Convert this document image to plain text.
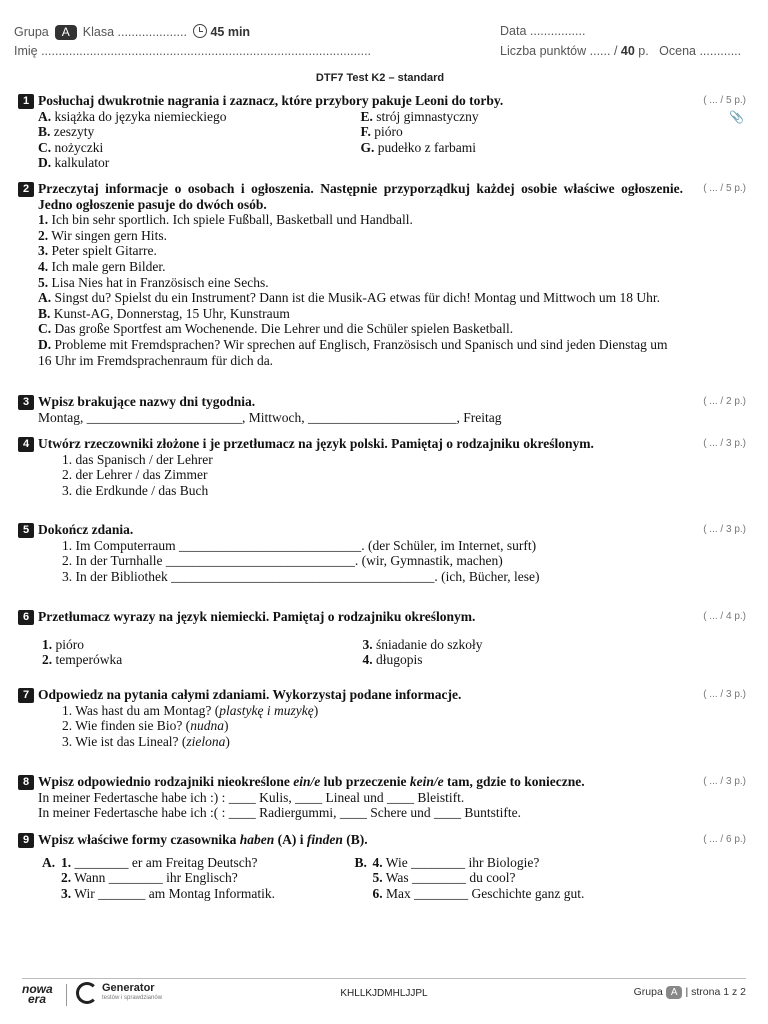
Grupa A Klasa .................... 45 min
Imię ...............................................................................................
Data ................
Liczba punktów ...... / 40 p. Ocena ............
DTF7 Test K2 – standard
1	( ... / 5 p.)
📎
Posłuchaj dwukrotnie nagrania i zaznacz, które przybory pakuje Leoni do torby.
A. książka do języka niemieckiego
B. zeszyty
C. nożyczki
D. kalkulator
E. strój gimnastyczny
F. pióro
G. pudełko z farbami
2	( ... / 5 p.)
Przeczytaj informacje o osobach i ogłoszenia. Następnie przyporządkuj każdej osobie właściwe ogłoszenie. Jedno ogłoszenie pasuje do dwóch osób.
1. Ich bin sehr sportlich. Ich spiele Fußball, Basketball und Handball.
2. Wir singen gern Hits.
3. Peter spielt Gitarre.
4. Ich male gern Bilder.
5. Lisa Nies hat in Französisch eine Sechs.
A. Singst du? Spielst du ein Instrument? Dann ist die Musik-AG etwas für dich! Montag und Mittwoch um 18 Uhr.
B. Kunst-AG, Donnerstag, 15 Uhr, Kunstraum
C. Das große Sportfest am Wochenende. Die Lehrer und die Schüler spielen Basketball.
D. Probleme mit Fremdsprachen? Wir sprechen auf Englisch, Französisch und Spanisch und sind jeden Dienstag um 16 Uhr im Fremdsprachenraum für dich da.
3	( ... / 2 p.)
Wpisz brakujące nazwy dni tygodnia.
Montag, _______________________, Mittwoch, ______________________, Freitag
4	( ... / 3 p.)
Utwórz rzeczowniki złożone i je przetłumacz na język polski. Pamiętaj o rodzajniku określonym.
1. das Spanisch / der Lehrer
2. der Lehrer / das Zimmer
3. die Erdkunde / das Buch
5	( ... / 3 p.)
Dokończ zdania.
1. Im Computerraum ___________________________. (der Schüler, im Internet, surft)
2. In der Turnhalle ____________________________. (wir, Gymnastik, machen)
3. In der Bibliothek _______________________________________. (ich, Bücher, lese)
6	( ... / 4 p.)
Przetłumacz wyrazy na język niemiecki. Pamiętaj o rodzajniku określonym.
1. pióro
2. temperówka
3. śniadanie do szkoły
4. długopis
7	( ... / 3 p.)
Odpowiedz na pytania całymi zdaniami. Wykorzystaj podane informacje.
1. Was hast du am Montag? (plastykę i muzykę)
2. Wie finden sie Bio? (nudna)
3. Wie ist das Lineal? (zielona)
8	( ... / 3 p.)
Wpisz odpowiednio rodzajniki nieokreślone ein/e lub przeczenie kein/e tam, gdzie to konieczne.
In meiner Federtasche habe ich :) : ____ Kulis, ____ Lineal und ____ Bleistift.
In meiner Federtasche habe ich :( : ____ Radiergummi, ____ Schere und ____ Buntstifte.
9	( ... / 6 p.)
Wpisz właściwe formy czasownika haben (A) i finden (B).
A. 1. ________ er am Freitag Deutsch?
2. Wann ________ ihr Englisch?
3. Wir _______ am Montag Informatik.
B. 4. Wie ________ ihr Biologie?
5. Was ________ du cool?
6. Max ________ Geschichte ganz gut.
nowa
era
Generator
testów i sprawdzianów	KHLLKJDMHLJJPL	Grupa A | strona 1 z 2
